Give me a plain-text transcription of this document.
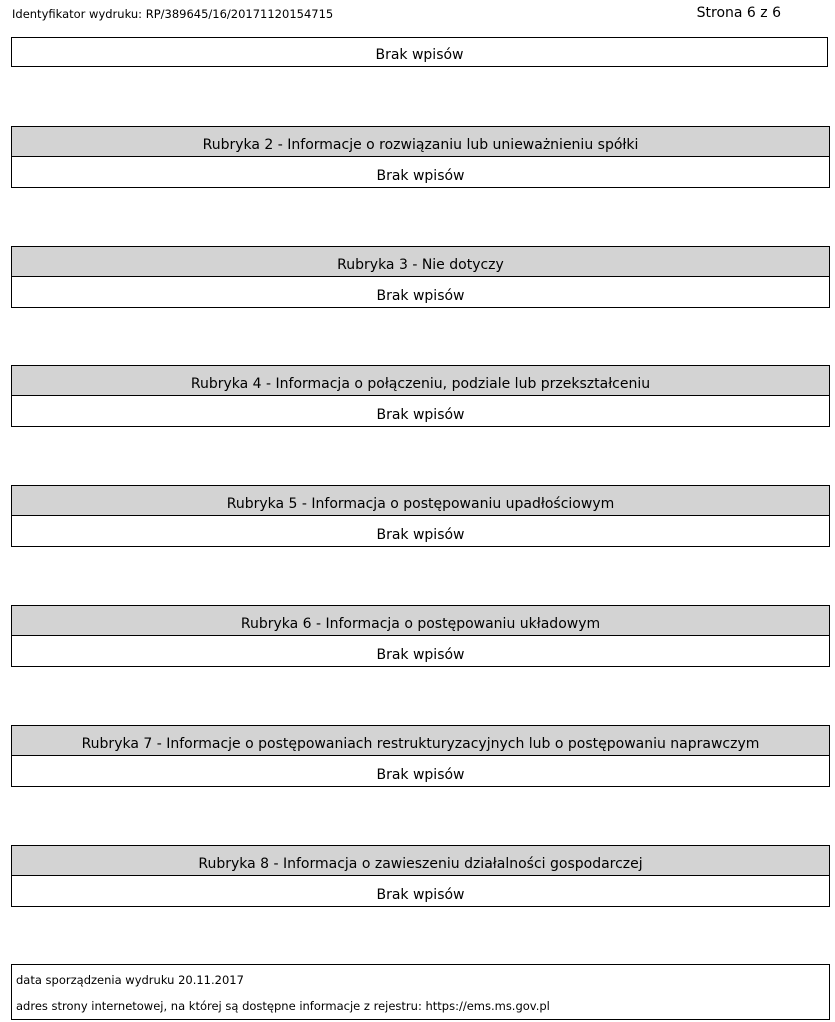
Identyfikator wydruku: RP/389645/16/20171120154715	Strona 6 z 6
Brak wpisów
Rubryka 2 - Informacje o rozwiązaniu lub unieważnieniu spółki
Brak wpisów
Rubryka 3 - Nie dotyczy
Brak wpisów
Rubryka 4 - Informacja o połączeniu, podziale lub przekształceniu
Brak wpisów
Rubryka 5 - Informacja o postępowaniu upadłościowym
Brak wpisów
Rubryka 6 - Informacja o postępowaniu układowym
Brak wpisów
Rubryka 7 - Informacje o postępowaniach restrukturyzacyjnych lub o postępowaniu naprawczym
Brak wpisów
Rubryka 8 - Informacja o zawieszeniu działalności gospodarczej
Brak wpisów
data sporządzenia wydruku 20.11.2017
adres strony internetowej, na której są dostępne informacje z rejestru: https://ems.ms.gov.pl
